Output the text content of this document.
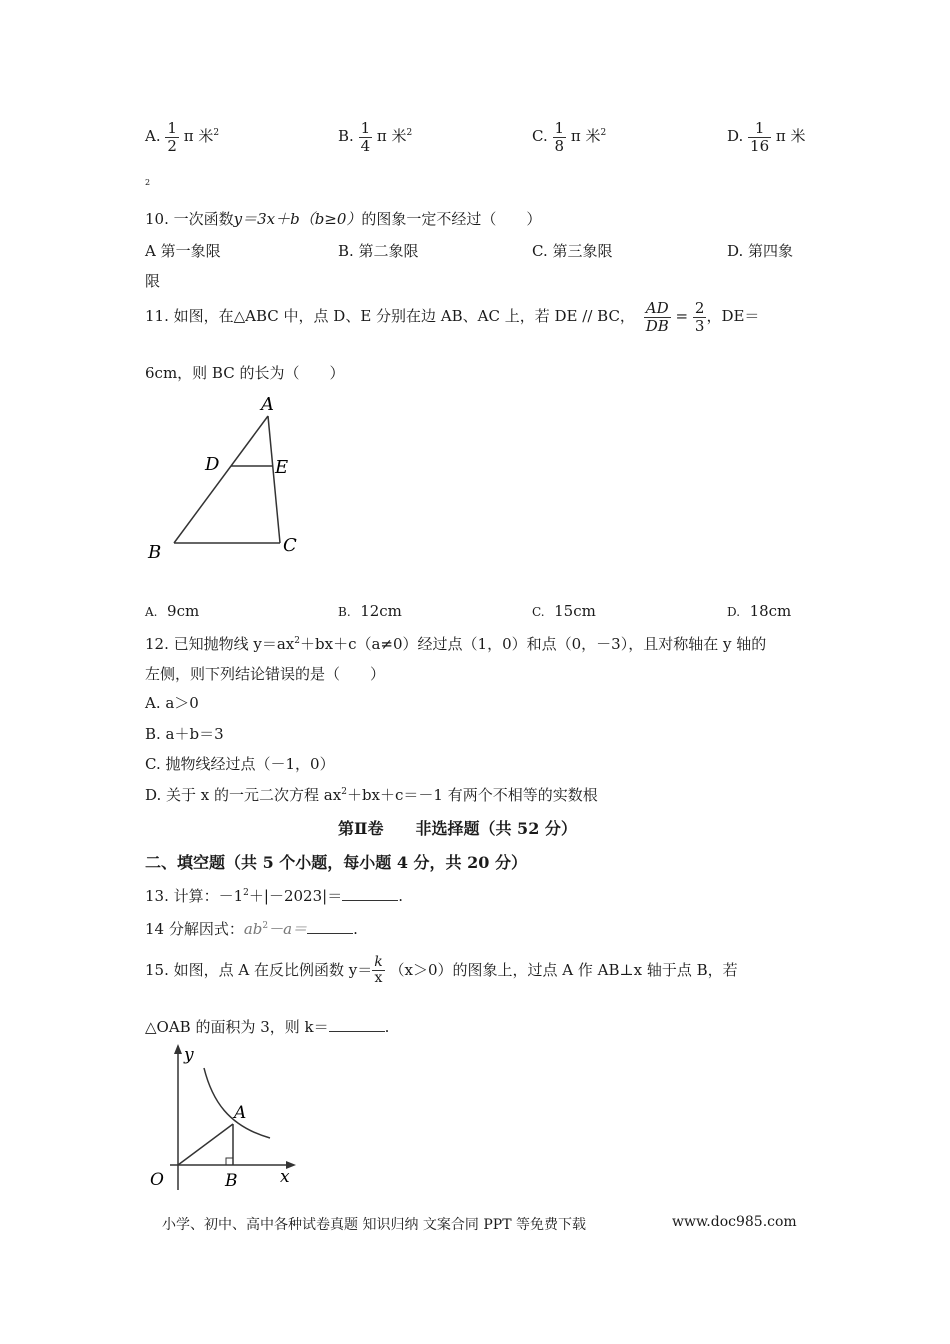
A. $\frac{1}{2}$ π 米$^2$	B. $\frac{1}{4}$ π 米$^2$	C. $\frac{1}{8}$ π 米$^2$	D. $\frac{1}{16}$ π 米
2
10. 一次函数y＝3x＋b（b≥0）的图象一定不经过（　　）
A 第一象限	B. 第二象限	C. 第三象限	D. 第四象
限
11. 如图，在△ABC 中，点 D、E 分别在边 AB、AC 上，若 DE // BC， $\frac{AD}{DB} = \frac{2}{3}$ ，DE＝
6cm，则 BC 的长为（　　）
A
D	E
B	C
A. 9cm	B. 12cm	C. 15cm	D. 18cm
12. 已知抛物线 $y=ax^2+bx+c(a\ne 0)$经过点（1，0）和点（0，－3），且对称轴在 y 轴的
左侧，则下列结论错误的是（　　）
A. a＞0
B. a＋b＝3
C. 抛物线经过点（－1，0）
D. 关于 x 的一元二次方程 $ax^2+bx+c=-1$ 有两个不相等的实数根
第Ⅱ卷　　非选择题（共 52 分）
二、填空题（共 5 个小题，每小题 4 分，共 20 分）
13. 计算：$-1^2+|-2023|=$	.
14 分解因式：$ab^2-a=$	.
15. 如图，点 A 在反比例函数 $y= \frac{k}{x} (x>0)$的图象上，过点 A 作 AB⊥x 轴于点 B，若
△OAB 的面积为 3，则 k＝	.
y
x
O
A
B
小学、初中、高中各种试卷真题 知识归纳 文案合同 PPT 等免费下载	www.doc985.com
